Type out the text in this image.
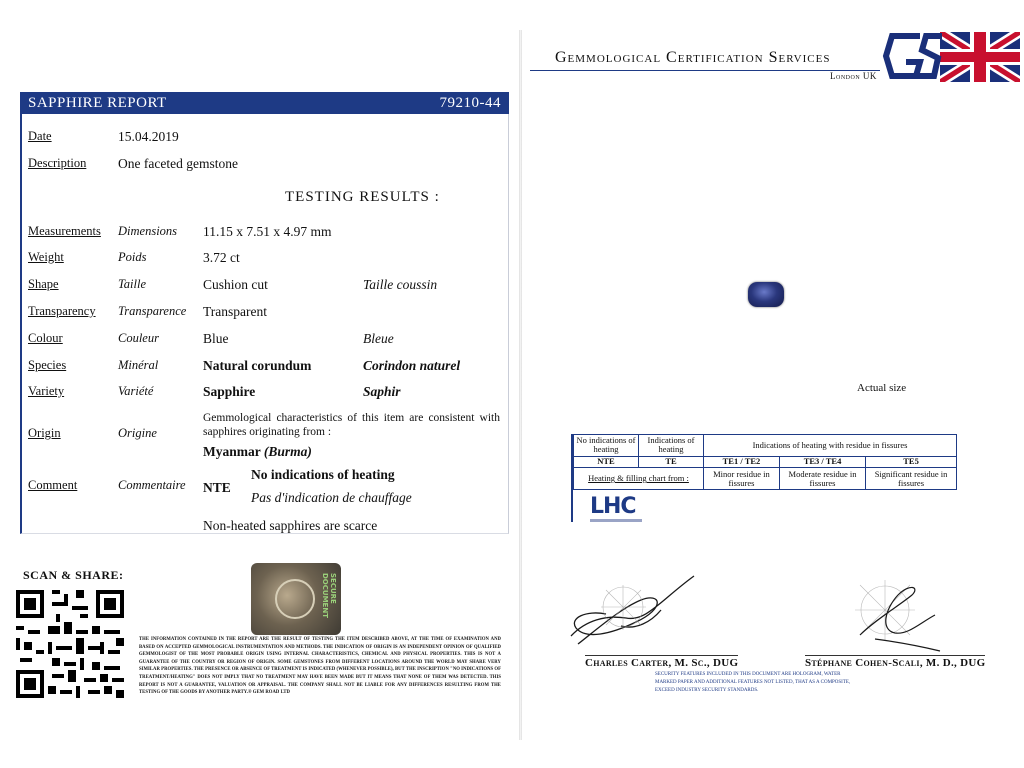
SAPPHIRE REPORT	79210-44
Date	15.04.2019
Description One faceted gemstone
TESTING RESULTS :
Measurements Dimensions 11.15 x 7.51 x 4.97 mm
Weight	Poids	3.72 ct
Shape	Taille	Cushion cut	Taille coussin
Transparency Transparence Transparent
Colour	Couleur	Blue	Bleue
Species	Minéral	Natural corundum	Corindon naturel
Variety	Variété	Sapphire	Saphir
Origin	Origine
Gemmological characteristics of this item are consistent with sapphires originating from :
Myanmar (Burma)
Comment	Commentaire NTE
No indications of heating
Pas d'indication de chauffage
Non-heated sapphires are scarce
SCAN & SHARE:	SECURE DOCUMENT
THE INFORMATION CONTAINED IN THE REPORT ARE THE RESULT OF TESTING THE ITEM DESCRIBED ABOVE, AT THE TIME OF EXAMINATION AND BASED ON ACCEPTED GEMMOLOGICAL INSTRUMENTATION AND METHODS. THE INDICATION OF ORIGIN IS AN INDEPENDENT OPINION OF QUALIFIED GEMMOLOGIST OF THE MOST PROBABLE ORIGIN USING INTERNAL CHARACTERISTICS, CHEMICAL AND PHYSICAL PROPERTIES. THIS IS NOT A GUARANTEE OF THE COUNTRY OR REGION OF ORIGIN. SOME GEMSTONES FROM DIFFERENT LOCATIONS AROUND THE WORLD MAY SHARE VERY SIMILAR PROPERTIES. THE PRESENCE OR ABSENCE OF TREATMENT IS INDICATED (WHENEVER POSSIBLE), BUT THE INSCRIPTION "NO INDICATIONS OF TREATMENT/HEATING" DOES NOT IMPLY THAT NO TREATMENT MAY HAVE BEEN MADE BUT IT MEANS THAT NONE OF THEM WAS DETECTED. THIS REPORT IS NOT A GUARANTEE, VALUATION OR APPRAISAL. THE COMPANY SHALL NOT BE LIABLE FOR ANY DIFFERENCES RESULTING FROM THE TESTING OF THE GOODS BY ANOTHER PARTY.® GEM ROAD LTD
Gemmological Certification Services
London UK
Actual size
No indications of heating	Indications of heating	Indications of heating with residue in fissures		
NTE	TE	TE1 / TE2	TE3 / TE4	TE5
Heating & filling chart from :		Minor residue in fissures	Moderate residue in fissures	Significant residue in fissures
LHC
Charles Carter, M. Sc., DUG	Stéphane Cohen-Scali, M. D., DUG
SECURITY FEATURES INCLUDED IN THIS DOCUMENT ARE HOLOGRAM, WATER MARKED PAPER AND ADDITIONAL FEATURES NOT LISTED, THAT AS A COMPOSITE, EXCEED INDUSTRY SECURITY STANDARDS.
